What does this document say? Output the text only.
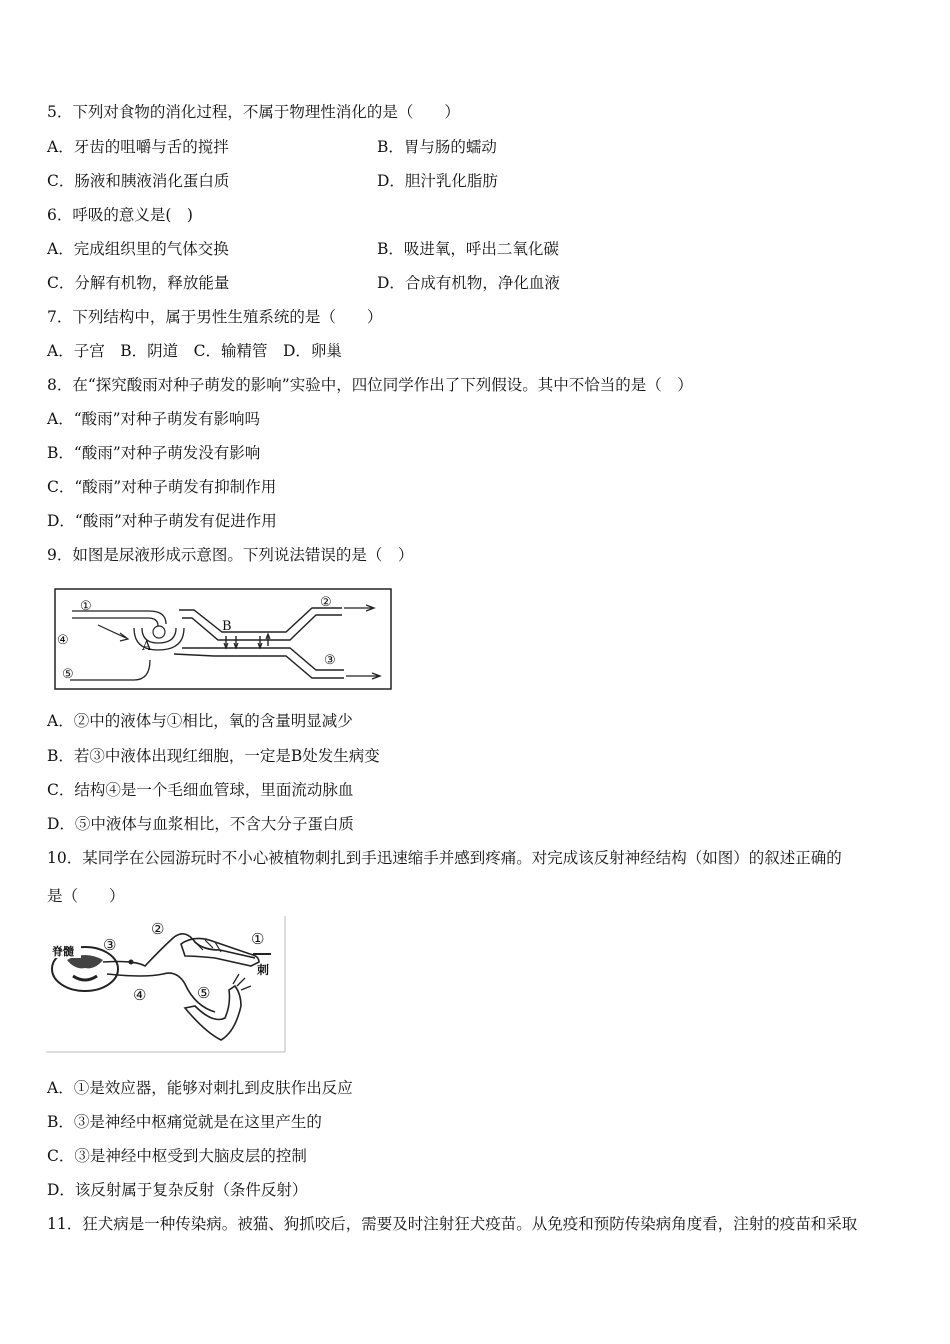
5．下列对食物的消化过程，不属于物理性消化的是（　　）
A．牙齿的咀嚼与舌的搅拌	B．胃与肠的蠕动
C．肠液和胰液消化蛋白质	D．胆汁乳化脂肪
6．呼吸的意义是(　)
A．完成组织里的气体交换	B．吸进氧，呼出二氧化碳
C．分解有机物，释放能量	D．合成有机物，净化血液
7．下列结构中，属于男性生殖系统的是（　　）
A．子宫　B．阴道　C．输精管　D．卵巢
8．在“探究酸雨对种子萌发的影响”实验中，四位同学作出了下列假设。其中不恰当的是（　）
A．“酸雨”对种子萌发有影响吗
B．“酸雨”对种子萌发没有影响
C．“酸雨”对种子萌发有抑制作用
D．“酸雨”对种子萌发有促进作用
9．如图是尿液形成示意图。下列说法错误的是（　）
①	②
③
④
⑤
A
B
A．②中的液体与①相比，氧的含量明显减少
B．若③中液体出现红细胞，一定是B处发生病变
C．结构④是一个毛细血管球，里面流动脉血
D．⑤中液体与血浆相比，不含大分子蛋白质
10．某同学在公园游玩时不小心被植物刺扎到手迅速缩手并感到疼痛。对完成该反射神经结构（如图）的叙述正确的
是（　　）
脊髓 ③
②
①
④	⑤
刺
A．①是效应器，能够对刺扎到皮肤作出反应
B．③是神经中枢痛觉就是在这里产生的
C．③是神经中枢受到大脑皮层的控制
D．该反射属于复杂反射（条件反射）
11．狂犬病是一种传染病。被猫、狗抓咬后，需要及时注射狂犬疫苗。从免疫和预防传染病角度看，注射的疫苗和采取
